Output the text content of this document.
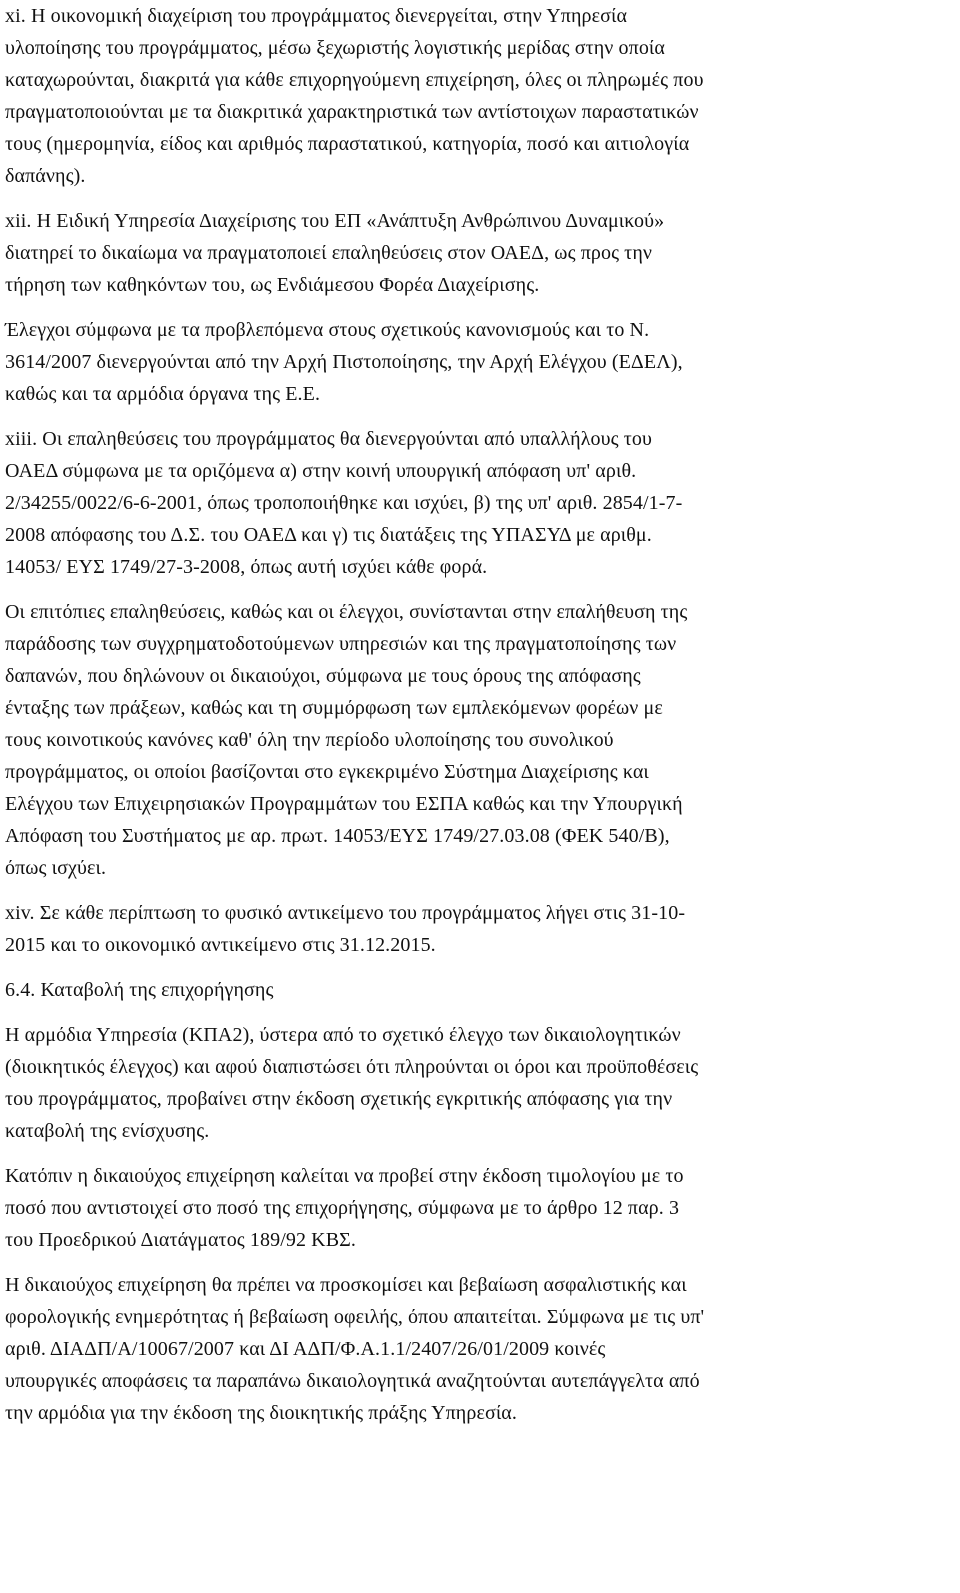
xi. Η οικονομική διαχείριση του προγράμματος διενεργείται, στην Υπηρεσία
υλοποίησης του προγράμματος, μέσω ξεχωριστής λογιστικής μερίδας στην οποία
καταχωρούνται, διακριτά για κάθε επιχορηγούμενη επιχείρηση, όλες οι πληρωμές που
πραγματοποιούνται με τα διακριτικά χαρακτηριστικά των αντίστοιχων παραστατικών
τους (ημερομηνία, είδος και αριθμός παραστατικού, κατηγορία, ποσό και αιτιολογία
δαπάνης).
xii. Η Ειδική Υπηρεσία Διαχείρισης του ΕΠ «Ανάπτυξη Ανθρώπινου Δυναμικού»
διατηρεί το δικαίωμα να πραγματοποιεί επαληθεύσεις στον ΟΑΕΔ, ως προς την
τήρηση των καθηκόντων του, ως Ενδιάμεσου Φορέα Διαχείρισης.
Έλεγχοι σύμφωνα με τα προβλεπόμενα στους σχετικούς κανονισμούς και το Ν.
3614/2007 διενεργούνται από την Αρχή Πιστοποίησης, την Αρχή Ελέγχου (ΕΔΕΛ),
καθώς και τα αρμόδια όργανα της Ε.Ε.
xiii. Οι επαληθεύσεις του προγράμματος θα διενεργούνται από υπαλλήλους του
ΟΑΕΔ σύμφωνα με τα οριζόμενα α) στην κοινή υπουργική απόφαση υπ' αριθ.
2/34255/0022/6-6-2001, όπως τροποποιήθηκε και ισχύει, β) της υπ' αριθ. 2854/1-7-
2008 απόφασης του Δ.Σ. του ΟΑΕΔ και γ) τις διατάξεις της ΥΠΑΣΥΔ με αριθμ.
14053/ ΕΥΣ 1749/27-3-2008, όπως αυτή ισχύει κάθε φορά.
Οι επιτόπιες επαληθεύσεις, καθώς και οι έλεγχοι, συνίστανται στην επαλήθευση της
παράδοσης των συγχρηματοδοτούμενων υπηρεσιών και της πραγματοποίησης των
δαπανών, που δηλώνουν οι δικαιούχοι, σύμφωνα με τους όρους της απόφασης
ένταξης των πράξεων, καθώς και τη συμμόρφωση των εμπλεκόμενων φορέων με
τους κοινοτικούς κανόνες καθ' όλη την περίοδο υλοποίησης του συνολικού
προγράμματος, οι οποίοι βασίζονται στο εγκεκριμένο Σύστημα Διαχείρισης και
Ελέγχου των Επιχειρησιακών Προγραμμάτων του ΕΣΠΑ καθώς και την Υπουργική
Απόφαση του Συστήματος με αρ. πρωτ. 14053/ΕΥΣ 1749/27.03.08 (ΦΕΚ 540/Β),
όπως ισχύει.
xiv. Σε κάθε περίπτωση το φυσικό αντικείμενο του προγράμματος λήγει στις 31-10-
2015 και το οικονομικό αντικείμενο στις 31.12.2015.
6.4. Καταβολή της επιχορήγησης
Η αρμόδια Υπηρεσία (ΚΠΑ2), ύστερα από το σχετικό έλεγχο των δικαιολογητικών
(διοικητικός έλεγχος) και αφού διαπιστώσει ότι πληρούνται οι όροι και προϋποθέσεις
του προγράμματος, προβαίνει στην έκδοση σχετικής εγκριτικής απόφασης για την
καταβολή της ενίσχυσης.
Κατόπιν η δικαιούχος επιχείρηση καλείται να προβεί στην έκδοση τιμολογίου με το
ποσό που αντιστοιχεί στο ποσό της επιχορήγησης, σύμφωνα με το άρθρο 12 παρ. 3
του Προεδρικού Διατάγματος 189/92 ΚΒΣ.
Η δικαιούχος επιχείρηση θα πρέπει να προσκομίσει και βεβαίωση ασφαλιστικής και
φορολογικής ενημερότητας ή βεβαίωση οφειλής, όπου απαιτείται. Σύμφωνα με τις υπ'
αριθ. ΔΙΑΔΠ/Α/10067/2007 και ΔΙ ΑΔΠ/Φ.Α.1.1/2407/26/01/2009 κοινές
υπουργικές αποφάσεις τα παραπάνω δικαιολογητικά αναζητούνται αυτεπάγγελτα από
την αρμόδια για την έκδοση της διοικητικής πράξης Υπηρεσία.
